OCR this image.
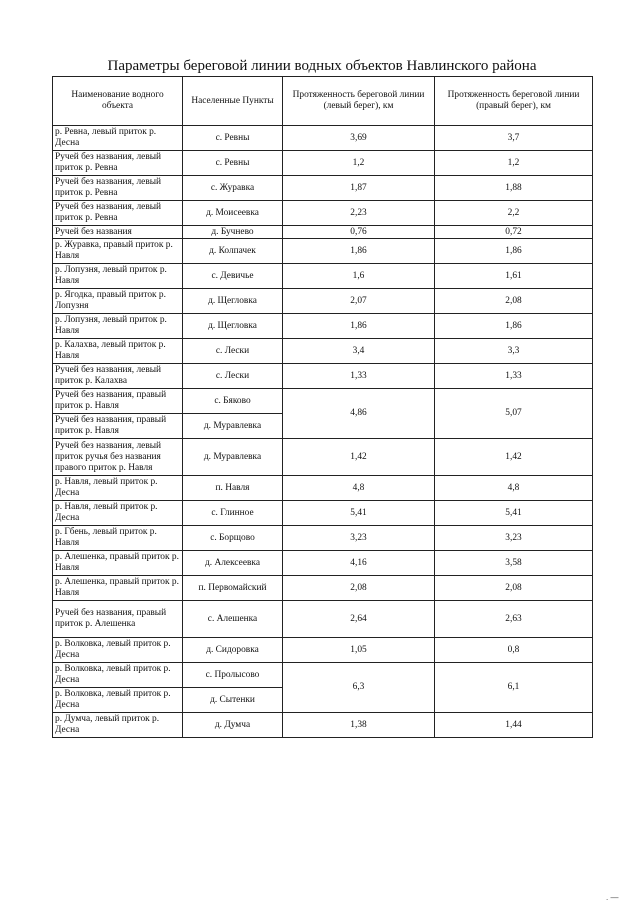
Параметры береговой линии водных объектов Навлинского района
Наименование водного объекта	Населенные Пункты	Протяженность береговой линии (левый берег), км	Протяженность береговой линии (правый берег), км
р. Ревна, левый приток р. Десна	с. Ревны	3,69	3,7
Ручей без названия, левый приток р. Ревна	с. Ревны	1,2	1,2
Ручей без названия, левый приток р. Ревна	с. Журавка	1,87	1,88
Ручей без названия, левый приток р. Ревна	д. Моисеевка	2,23	2,2
Ручей без названия	д. Бучнево	0,76	0,72
р. Журавка, правый приток р. Навля	д. Колпачек	1,86	1,86
р. Лопузня, левый приток р. Навля	с. Девичье	1,6	1,61
р. Ягодка, правый приток р. Лопузня	д. Щегловка	2,07	2,08
р. Лопузня, левый приток р. Навля	д. Щегловка	1,86	1,86
р. Калахва, левый приток р. Навля	с. Лески	3,4	3,3
Ручей без названия, левый приток р. Калахва	с. Лески	1,33	1,33
Ручей без названия, правый приток р. Навля	с. Бяково	4,86	5,07
Ручей без названия, правый приток р. Навля	д. Муравлевка		
Ручей без названия, левый приток ручья без названия правого приток р. Навля	д. Муравлевка	1,42	1,42
р. Навля, левый приток р. Десна	п. Навля	4,8	4,8
р. Навля, левый приток р. Десна	с. Глинное	5,41	5,41
р. Гбень, левый приток р. Навля	с. Борщово	3,23	3,23
р. Алешенка, правый приток р. Навля	д. Алексеевка	4,16	3,58
р. Алешенка, правый приток р. Навля	п. Первомайский	2,08	2,08
Ручей без названия, правый приток р. Алешенка	с. Алешенка	2,64	2,63
р. Волковка, левый приток р. Десна	д. Сидоровка	1,05	0,8
р. Волковка, левый приток р. Десна	с. Пролысово	6,3	6,1
р. Волковка, левый приток р. Десна	д. Сытенки		
р. Думча, левый приток р. Десна	д. Думча	1,38	1,44
. —
